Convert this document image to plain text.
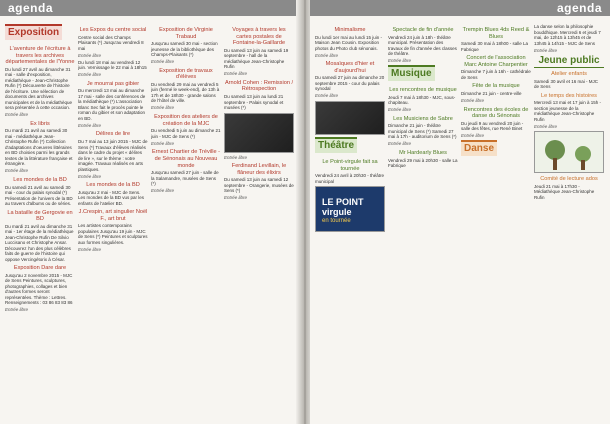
agenda
Exposition
L'aventure de l'écriture à travers les archives départementales de l'Yonne

Du lundi 27 avril au dimanche 31 mai - salle d'exposition, médiathèque - Jean-Christophe Rufin (*) Découverte de l'histoire de l'écriture. Une sélection de documents des archives municipales et de la médiathèque sera présentée à cette occasion.

Entrée libre

Ex libris

Du mardi 21 avril au samedi 30 mai - médiathèque Jean-Christophe Rufin (*) Collection d'adaptations d'oeuvres littéraires en BD choisies parmi les grands textes de la littérature française et étrangère.

Entrée libre

Les mondes de la BD

Du samedi 21 avril au samedi 30 mai - cour du palais synodal (*) Présentation de l'univers de la BD au travers d'albums ou de séries.

La bataille de Gergovie en BD

Du mardi 21 avril au dimanche 31 mai - 1er étage de la médiathèque Jean-Christophe Rufin De Silvio Luccisano et Christophe Ansar. Découvrez l'un des plus célèbres faits de guerre de l'histoire qui oppose Vercingétorix à César.

Exposition Dare dare

Jusqu'au 2 novembre 2015 - MJC de Sens Peintures, sculptures, photographies, collages et bien d'autres formes seront représentées. Thème : Lettres. Renseignements : 03 86 83 83 86

Entrée libre

Les Expos du centre social

Centre social des Champs Plaisants (*) Jusqu'au vendredi 8 mai

Entrée libre

Du lundi 18 mai au vendredi 12 juin. Vernissage le 22 mai à 18h15

Entrée libre

Je mourrai pas gibier

Du mercredi 13 mai au dimanche 17 mai - salle des conférences de la médiathèque (*) L'association Blanc Sec fait le procès pointe le roman du gibier et son adaptation en BD.

Entrée libre

Délires de lire

Du 7 mai au 13 juin 2015 - MJC de Sens (*) Travaux d'élèves réalisés dans le cadre du projet « délires de lire », sur le thème : votre imagée. Travaux réalisés en arts plastiques.

Entrée libre

Les mondes de la BD

Jusqu'au 2 mai - MJC de Sens. Les mondes de la BD vus par les enfants de l'atelier BD.

J.Crespin, art singulier Noël F., art brut

Les artistes contemporains populaires Jusqu'au 19 juin - MJC de Sens (*) Peintures et sculptures aux formes singulières.

Entrée libre

Exposition de Virginie Trabaud

Jusqu'au samedi 30 mai - section jeunesse de la bibliothèque des Champs-Plaisants (*)

Entrée libre

Exposition de travaux d'élèves

Du vendredi 29 mai au vendredi 5 juin (fermé le week-end), de 13h à 17h et de 18h30 - grande salons de l'hôtel de ville.

Entrée libre

Exposition des ateliers de création de la MJC

Du vendredi 5 juin au dimanche 21 juin - MJC de Sens (*)

Entrée libre

Ernest Chartier de Tréville - de Sénonais au Nouveau monde

Jusqu'au samedi 27 juin - salle de la Salamandre, musées de Sens (*)

Entrée libre

Voyages à travers les cartes postales de Fontaine-la-Gaillarde

Du samedi 13 juin au samedi 19 septembre - hall de la médiathèque Jean-Christophe Rufin

Entrée libre

Arnold Cohen : Remission / Rétrospection

Du samedi 13 juin au lundi 21 septembre - Palais synodal et musées (*)

Entrée libre

Ferdinand Levillain, le flâneur des élixirs

Du samedi 13 juin au samedi 12 septembre - Orangerie, musées de Sens (*)

Entrée libre

agenda
Minimalisme

Du lundi 1er mai au lundi 15 juin - Maison Jean Cousin. Exposition photos du Photo club sénonais.

Entrée libre

Mosaïques d'hier et d'aujourd'hui

Du samedi 27 juin au dimanche 20 septembre 2015 - cour du palais synodal

Entrée libre

Théâtre
Le Point-virgule fait sa tournée

Vendredi 24 avril à 20h30 - théâtre municipal

LE POINT
virgule
en tournée
Spectacle de fin d'année

Vendredi 24 juin à 18h - théâtre municipal. Présentation des travaux de fin d'année des classes de théâtre.

Entrée libre

Musique
Les rencontres de musique

Jeudi 7 mai à 18h30 - MJC, sous-chapiteau.

Entrée libre

Les Musiciens de Sabre

Dimanche 21 juin - théâtre municipal de Sens (*) Samedi 27 mai à 17h - auditorium de Sens (*)

Entrée libre

Mr Hardearly Blues

Vendredi 29 mai à 20h30 - salle La Fabrique

Trempin Blues 4ds Reed & Blues

Samedi 30 mai à 18h00 - salle La Fabrique

Concert de l'association Marc Antoine Charpentier

Dimanche 7 juin à 16h - cathédrale de Sens

Fête de la musique

Dimanche 21 juin - centre-ville

Entrée libre

Rencontres des écoles de danse du Sénonais

Du jeudi 9 au vendredi 20 juin - salle des fêtes, rue René Binet

Entrée libre

Danse

La danse selon la philosophie bouddhique. Mercredi 6 et jeudi 7 mai, de 12h15 à 13h45 et de 13h45 à 14h15 - MJC de Sens

Entrée libre

Jeune public
Atelier enfants

Samedi 30 avril et 16 mai - MJC de Sens

Le temps des histoires

Mercredi 13 mai et 17 juin à 15h - section jeunesse de la médiathèque Jean-Christophe Rufin

Entrée libre

Comité de lecture ados

Jeudi 21 mai à 17h30 - Médiathèque Jean-Christophe Rufin
